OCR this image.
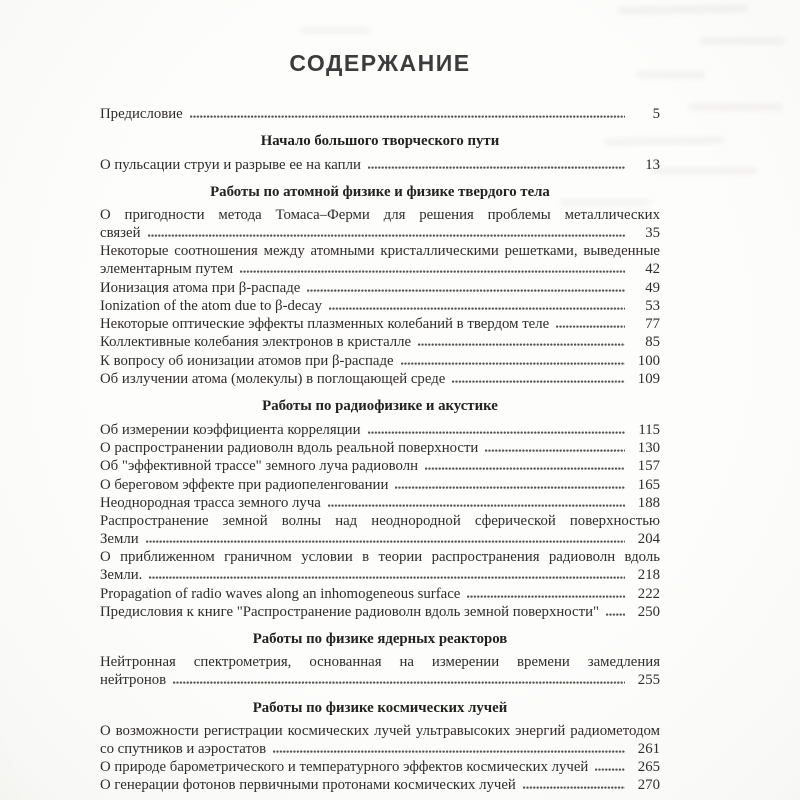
СОДЕРЖАНИЕ
Предисловие	5
Начало большого творческого пути
О пульсации струи и разрыве ее на капли	13
Работы по атомной физике и физике твердого тела
О пригодности метода Томаса–Ферми для решения проблемы металлических
связей	35
Некоторые соотношения между атомными кристаллическими решетками, выведенные
элементарным путем	42
Ионизация атома при β-распаде	49
Ionization of the atom due to β-decay	53
Некоторые оптические эффекты плазменных колебаний в твердом теле	77
Коллективные колебания электронов в кристалле	85
К вопросу об ионизации атомов при β-распаде	100
Об излучении атома (молекулы) в поглощающей среде	109
Работы по радиофизике и акустике
Об измерении коэффициента корреляции	115
О распространении радиоволн вдоль реальной поверхности	130
Об "эффективной трассе" земного луча радиоволн	157
О береговом эффекте при радиопеленговании	165
Неоднородная трасса земного луча	188
Распространение земной волны над неоднородной сферической поверхностью
Земли	204
О приближенном граничном условии в теории распространения радиоволн вдоль
Земли.	218
Propagation of radio waves along an inhomogeneous surface	222
Предисловия к книге "Распространение радиоволн вдоль земной поверхности"	250
Работы по физике ядерных реакторов
Нейтронная спектрометрия, основанная на измерении времени замедления
нейтронов	255
Работы по физике космических лучей
О возможности регистрации космических лучей ультравысоких энергий радиометодом
со спутников и аэростатов	261
О природе барометрического и температурного эффектов космических лучей	265
О генерации фотонов первичными протонами космических лучей	270
